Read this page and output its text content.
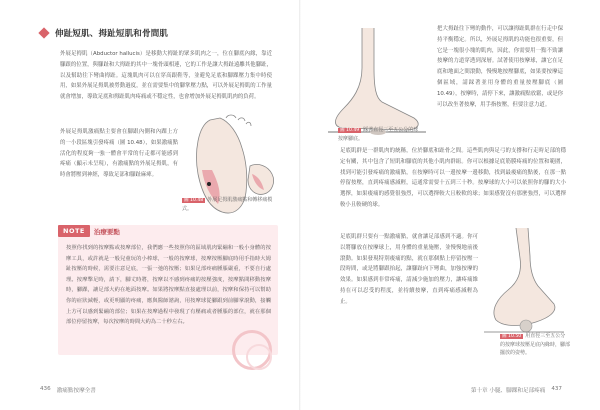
伸趾短肌、拇趾短肌和骨間肌

外展足拇肌（Abductor hallucis）是移動大拇趾的眾多肌肉之一，位在腳底內緣，靠近腳跟的位置，與腳趾和大拇趾的其中一塊骨頭相連，它的工作是讓大拇趾遠離其他腳趾，以及幫助往下彎曲拇趾。這塊肌肉可以在穿高跟鞋等，並避免足底和腳踝壓力集中時使用，如果外展足拇肌被勞動過度，並在需要集中的腳掌壓力點，可以外展足拇肌的工作量就會增加，導致足底和拇趾肌肉疼痛或不穩定性，也會增加外展足拇肌肌肉的負荷。

外展足拇肌激痛點主要會在腳跟內側和內踝上方的一小段區塊引發疼痛（圖 10.48），如果激痛點活化的程度夠一強一體會平常的行走都可能感到疼痛（顯示未呈現），有激痛點的外展足拇肌，有時會將壓到神經，導致足部和腳趾麻痺。

圖 10.48 外展足拇肌激痛點和轉移痛模式。
NOTE	治療要點

按照你找到的按摩點或按摩部位，我們應一些按照你的區域肌肉緊繃和一般小身體的按摩工具，或許就是一般兒童玩的小棒球，一般的按摩球，按摩按壓腳底時用手指時大姆趾按壓的時候，需要注意足底，一張一弛的按壓；如果足部疼痛腫脹嚴重，不要自行處理。按摩擊足時，請下，腳丈時將，按摩以不感到疼痛的按壓強度，按摩點間移動按摩時，腳踝，讓足部大約在地面按摩。如果將按摩點直接處理以前，按摩和保持可以幫助你的症狀減輕，或更明顯的疼痛，應與醫師諮詢，用按摩球從腳跟到前腳掌滾動，接觸上方可以感到緊繃的部位；如果在按摩過程中發現了有壓痛或者腫脹的部位，就在那個部位停留按摩，每次按摩的時間大約為二十秒左右。

436 激痛點按摩全書
圖 10.49 踩著直徑三至五公分的球按摩腳底。

把大拇趾往下彎的動作，可以讓拇趾肌群在行走中保持平衡穩定。所以，外展足拇肌的功能也很重要，但它是一塊很小塊的肌肉，因此，你需要用一點不勁讓按摩的力道穿透到深層。試著使用按摩球，讓它在足底和地面之間滾動，慢慢地按壓腳底，如果要按摩這個區域，請踩著並用身體的重量按壓腳底（圖 10.49），按摩時，請停下來，讓激痛點放鬆，或是你可以改坐著按摩，用手指按壓，但要注意力道。

足底肌群是一群肌肉的統稱，位於腳底和趾骨之間。這些肌肉與足弓的支撐和行走時足部的穩定有關，其中包含了短肌和腳底的其他小肌肉群組。你可以根據足底筋膜疼痛的位置和範圍，找到可能引發疼痛的激痛點，在按摩時可以一邊按摩一邊移動，找到最痠痛的點後，在那一點停留按壓，直到疼痛感減輕，這通常需要十五到三十秒。按摩球的大小可以依照你的腳的大小選擇，如果痠痛的感覺很強烈，可以選擇較大且較軟的球；如果感覺沒有那麼強烈，可以選擇較小且較硬的球。

足底肌群只要有一點激痛點，就會讓足部感到不適。你可以將腳放在按摩球上，用身體的重量施壓，並慢慢地前後滾動。如果發現特別痠痛的點，就在那個點上停留按壓一段時間，或是將腳跟抬起，讓腳趾向下彎曲，加強按摩的效果。如果感到非常疼痛，請減少施加的壓力，讓疼痛維持在可以忍受的程度，並持續按摩，直到疼痛感減輕為止。

圖 10.50 用直徑三至五公分的按摩球按壓足底內緣時，腳部擺放的姿勢。
第十章 小腿、腳踝和足部疼痛 437
